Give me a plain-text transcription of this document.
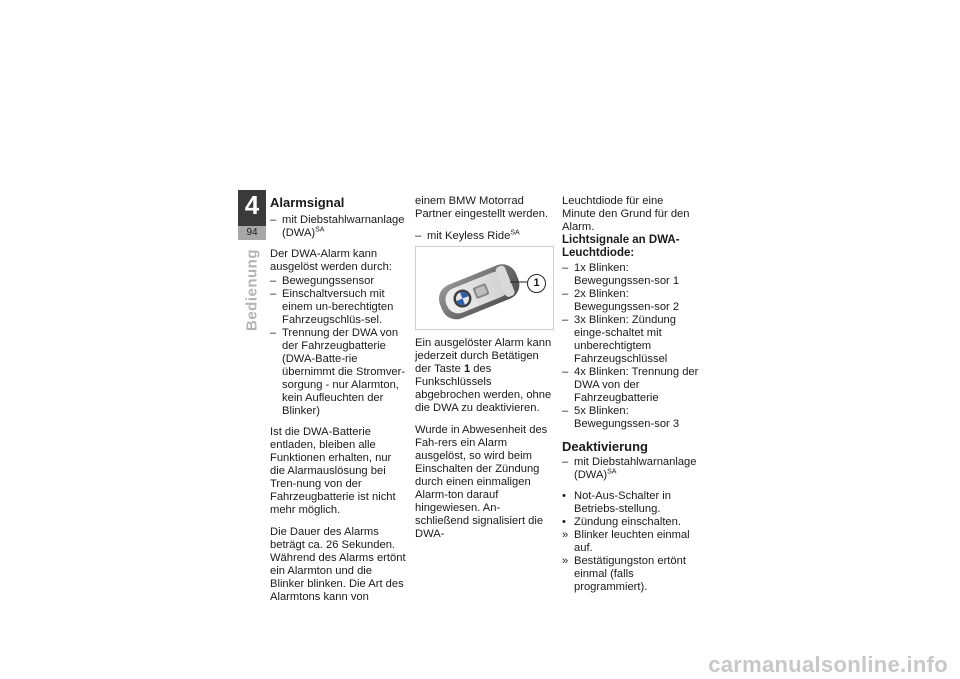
4
94
Bedienung
Alarmsignal
– mit Diebstahlwarnanlage (DWA)$^{SA}$

Der DWA-Alarm kann ausgelöst werden durch:

– Bewegungssensor
– Einschaltversuch mit einem un-berechtigten Fahrzeugschlüs-sel.
– Trennung der DWA von der Fahrzeugbatterie (DWA-Batte-rie übernimmt die Stromver-sorgung - nur Alarmton, kein Aufleuchten der Blinker)

Ist die DWA-Batterie entladen, bleiben alle Funktionen erhalten, nur die Alarmauslösung bei Tren-nung von der Fahrzeugbatterie ist nicht mehr möglich.

Die Dauer des Alarms beträgt ca. 26 Sekunden. Während des Alarms ertönt ein Alarmton und die Blinker blinken. Die Art des Alarmtons kann von

einem BMW Motorrad Partner eingestellt werden.

– mit Keyless Ride$^{SA}$
1

Ein ausgelöster Alarm kann jederzeit durch Betätigen der Taste 1 des Funkschlüssels abgebrochen werden, ohne die DWA zu deaktivieren.

Wurde in Abwesenheit des Fah-rers ein Alarm ausgelöst, so wird beim Einschalten der Zündung durch einen einmaligen Alarm-ton darauf hingewiesen. An-schließend signalisiert die DWA-

Leuchtdiode für eine Minute den Grund für den Alarm.

Lichtsignale an DWA-Leuchtdiode:
– 1x Blinken: Bewegungssen-sor 1
– 2x Blinken: Bewegungssen-sor 2
– 3x Blinken: Zündung einge-schaltet mit unberechtigtem Fahrzeugschlüssel
– 4x Blinken: Trennung der DWA von der Fahrzeugbatterie
– 5x Blinken: Bewegungssen-sor 3
Deaktivierung
– mit Diebstahlwarnanlage (DWA)$^{SA}$
• Not-Aus-Schalter in Betriebs-stellung.
• Zündung einschalten.
» Blinker leuchten einmal auf.
» Bestätigungston ertönt einmal (falls programmiert).
carmanualsonline.info
